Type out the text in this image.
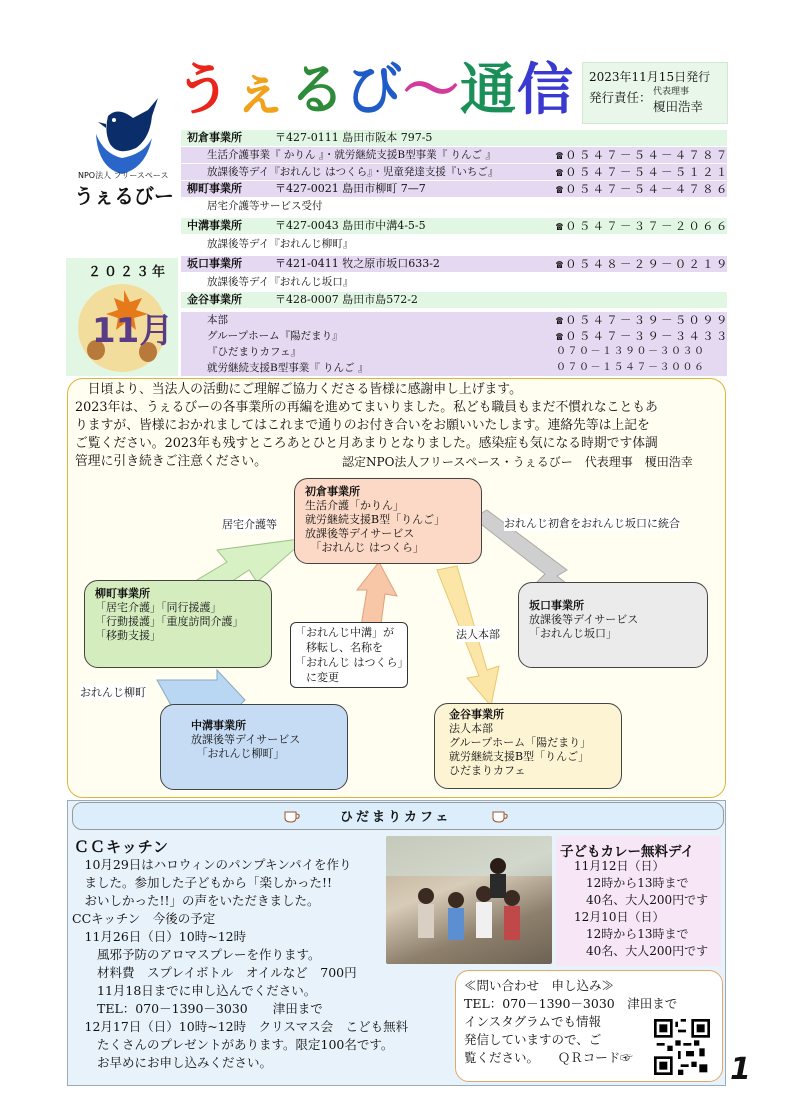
NPO法人 フリースペース
うぇるびー
うぇるび～通信 2023年11月15日発行
発行責任： 代表理事
榎田浩幸
初倉事業所	〒427-0111 島田市阪本 797-5
生活介護事業『 かりん 』・就労継続支援B型事業『 りんご 』	☎０５４７－５４－４７８７
放課後等デイ『おれんじ はつくら』・児童発達支援『いちご』	☎０５４７－５４－５１２１
柳町事業所	〒427-0021 島田市柳町 7—7	☎０５４７－５４－４７８６
居宅介護等サービス受付
中溝事業所	〒427-0043 島田市中溝4-5-5	☎０５４７－３７－２０６６
放課後等デイ『おれんじ柳町』
坂口事業所	〒421-0411 牧之原市坂口633-2	☎０５４８－２９－０２１９
放課後等デイ『おれんじ坂口』
金谷事業所	〒428-0007 島田市島572-2
本部	☎０５４７－３９－５０９９
グループホーム『陽だまり』	☎０５４７－３９－３４３３
『ひだまりカフェ』	０７０－１３９０－３０３０
就労継続支援B型事業『 りんご 』	０７０－１５４７－３００６
２０２３年
11月
　日頃より、当法人の活動にご理解ご協力くださる皆様に感謝申し上げます。
2023年は、うぇるびーの各事業所の再編を進めてまいりました。私ども職員もまだ不慣れなこともあ
りますが、皆様におかれましてはこれまで通りのお付き合いをお願いいたします。連絡先等は上記を
ご覧ください。2023年も残すところあとひと月あまりとなりました。感染症も気になる時期です体調
管理に引き続きご注意ください。	認定NPO法人フリースペース・うぇるびー　代表理事　榎田浩幸
初倉事業所
生活介護「かりん」
就労継続支援B型「りんご」
放課後等デイサービス
　「おれんじ はつくら」
柳町事業所
「居宅介護」「同行援護」
「行動援護」「重度訪問介護」
「移動支援」
坂口事業所
放課後等デイサービス
「おれんじ坂口」
中溝事業所
放課後等デイサービス
　「おれんじ柳町」
金谷事業所
法人本部
グループホーム「陽だまり」
就労継続支援B型「りんご」
ひだまりカフェ
居宅介護等	おれんじ初倉をおれんじ坂口に統合
「おれんじ中溝」が
　移転し、名称を
「おれんじ はつくら」
　に変更
法人本部
おれんじ柳町
ひだまりカフェ
ＣＣキッチン
　10月29日はハロウィンのパンプキンパイを作り
　ました。参加した子どもから「楽しかった!!
　おいしかった!!」の声をいただきました。
CCキッチン　今後の予定
　11月26日（日）10時~12時
　　風邪予防のアロマスプレーを作ります。
　　材料費　スプレイボトル　オイルなど　700円
　　11月18日までに申し込んでください。
　　TEL：070－1390－3030　　津田まで
　12月17日（日）10時~12時　クリスマス会　こども無料
　　たくさんのプレゼントがあります。限定100名です。
　　お早めにお申し込みください。
子どもカレー無料デイ
11月12日（日）
　12時から13時まで
　40名、大人200円です
12月10日（日）
　12時から13時まで
　40名、大人200円です
≪問い合わせ　申し込み≫
TEL：070－1390－3030　津田まで
インスタグラムでも情報
発信していますので、ご
覧ください。　　ＱＲコード☞	1
